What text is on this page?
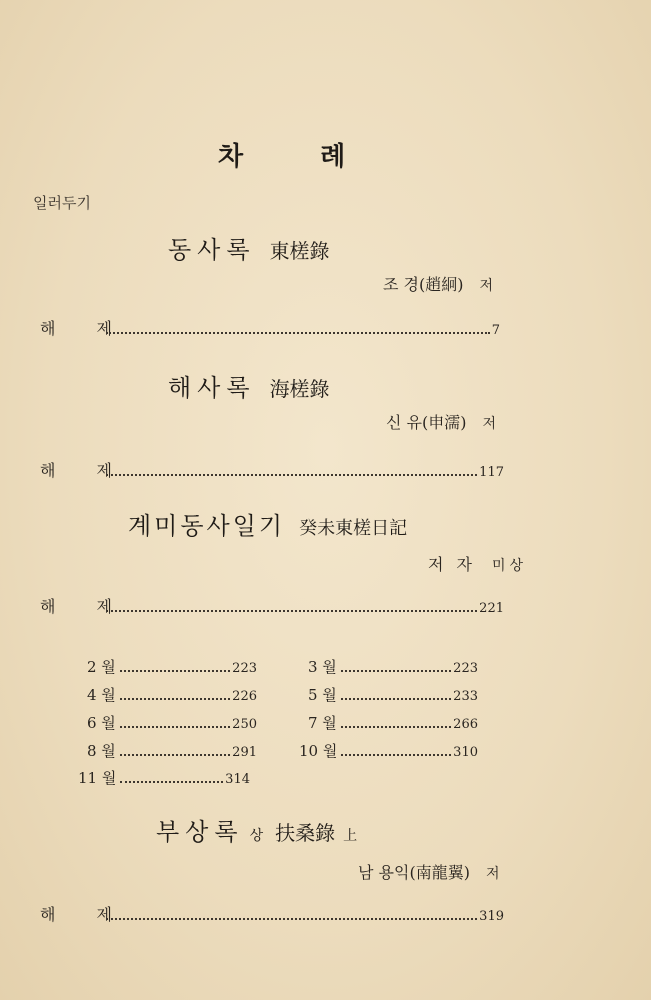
차 례
일러두기
동사록 東槎錄
조 경(趙絅) 저
해 제	7
해사록 海槎錄
신 유(申濡) 저
해 제	117
계미동사일기 癸未東槎日記
저 자 미상
해 제	221
2 월	223	3 월	223
4 월	226	5 월	233
6 월	250	7 월	266
8 월	291	10 월	310
11 월	314
부상록 상 扶桑錄 上
남 용익(南龍翼) 저
해 제	319
